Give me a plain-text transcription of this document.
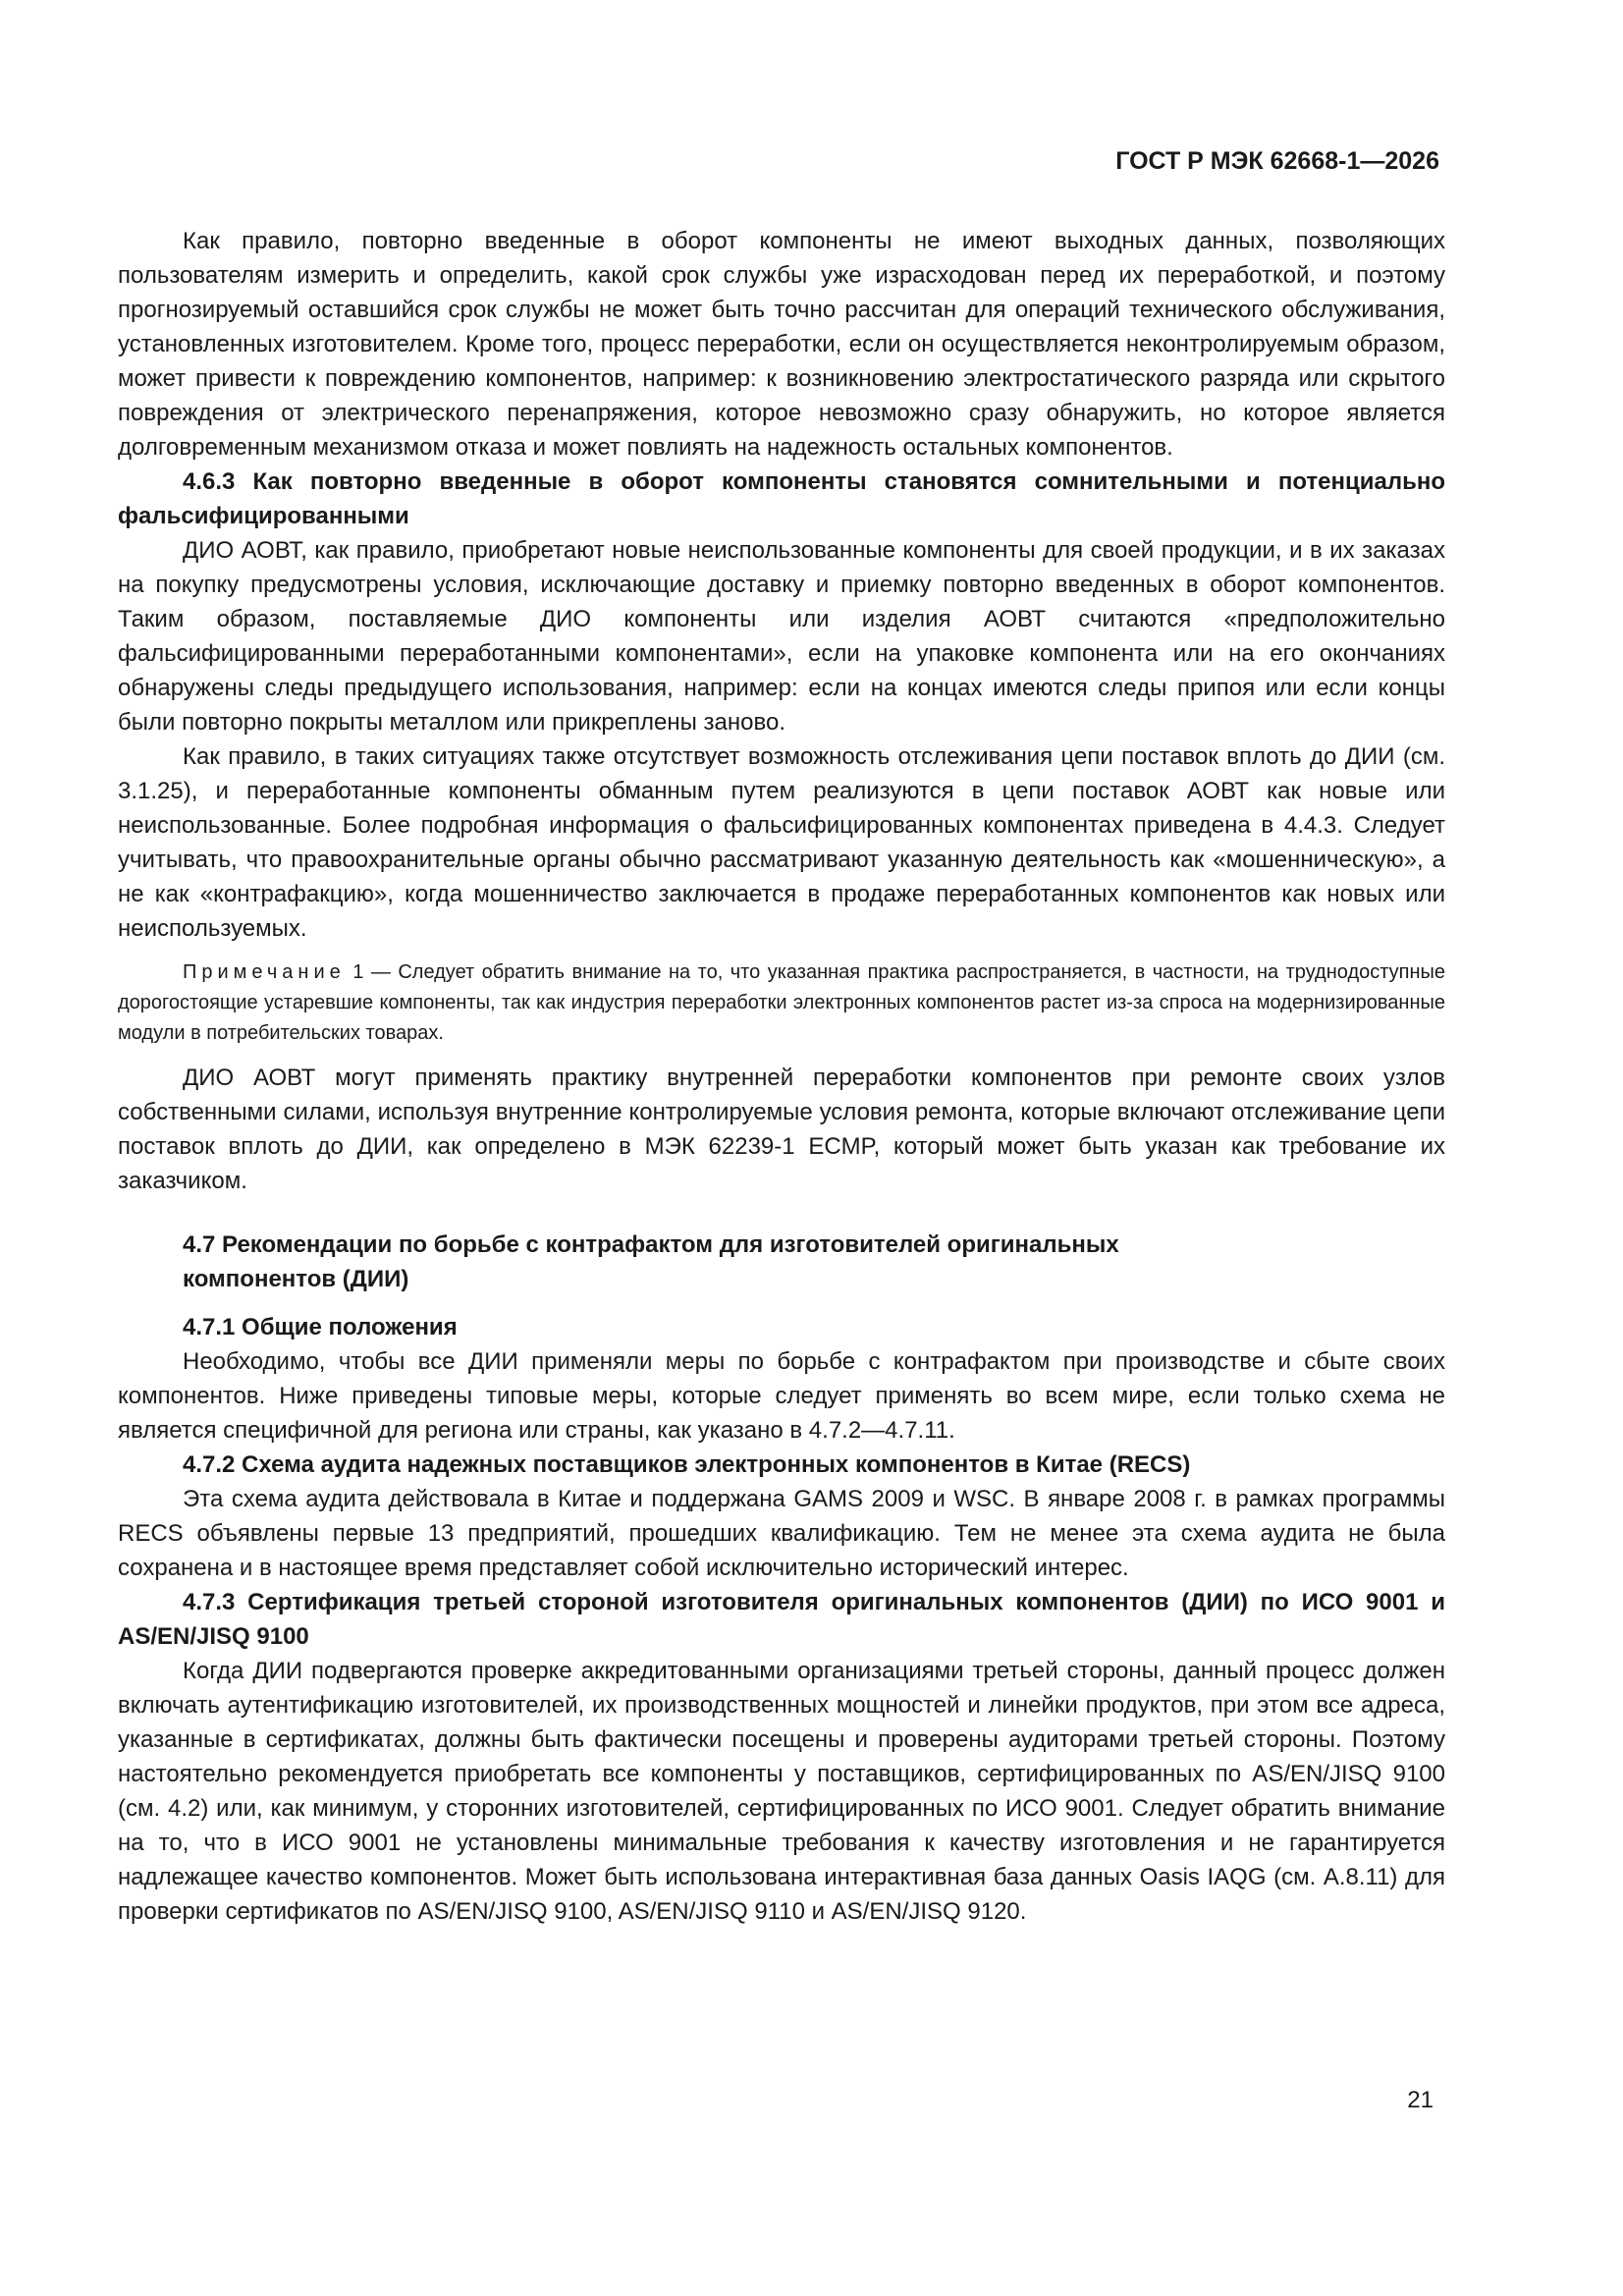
ГОСТ Р МЭК 62668-1—2026

Как правило, повторно введенные в оборот компоненты не имеют выходных данных, позволяющих пользователям измерить и определить, какой срок службы уже израсходован перед их переработкой, и поэтому прогнозируемый оставшийся срок службы не может быть точно рассчитан для операций технического обслуживания, установленных изготовителем. Кроме того, процесс переработки, если он осуществляется неконтролируемым образом, может привести к повреждению компонентов, например: к возникновению электростатического разряда или скрытого повреждения от электрического перенапряжения, которое невозможно сразу обнаружить, но которое является долговременным механизмом отказа и может повлиять на надежность остальных компонентов.

4.6.3 Как повторно введенные в оборот компоненты становятся сомнительными и потенциально фальсифицированными

ДИО АОВТ, как правило, приобретают новые неиспользованные компоненты для своей продукции, и в их заказах на покупку предусмотрены условия, исключающие доставку и приемку повторно введенных в оборот компонентов. Таким образом, поставляемые ДИО компоненты или изделия АОВТ считаются «предположительно фальсифицированными переработанными компонентами», если на упаковке компонента или на его окончаниях обнаружены следы предыдущего использования, например: если на концах имеются следы припоя или если концы были повторно покрыты металлом или прикреплены заново.

Как правило, в таких ситуациях также отсутствует возможность отслеживания цепи поставок вплоть до ДИИ (см. 3.1.25), и переработанные компоненты обманным путем реализуются в цепи поставок АОВТ как новые или неиспользованные. Более подробная информация о фальсифицированных компонентах приведена в 4.4.3. Следует учитывать, что правоохранительные органы обычно рассматривают указанную деятельность как «мошенническую», а не как «контрафакцию», когда мошенничество заключается в продаже переработанных компонентов как новых или неиспользуемых.

Примечание 1 — Следует обратить внимание на то, что указанная практика распространяется, в частности, на труднодоступные дорогостоящие устаревшие компоненты, так как индустрия переработки электронных компонентов растет из-за спроса на модернизированные модули в потребительских товарах.

ДИО АОВТ могут применять практику внутренней переработки компонентов при ремонте своих узлов собственными силами, используя внутренние контролируемые условия ремонта, которые включают отслеживание цепи поставок вплоть до ДИИ, как определено в МЭК 62239-1 ECMP, который может быть указан как требование их заказчиком.

4.7 Рекомендации по борьбе с контрафактом для изготовителей оригинальных
компонентов (ДИИ)

4.7.1 Общие положения

Необходимо, чтобы все ДИИ применяли меры по борьбе с контрафактом при производстве и сбыте своих компонентов. Ниже приведены типовые меры, которые следует применять во всем мире, если только схема не является специфичной для региона или страны, как указано в 4.7.2—4.7.11.

4.7.2 Схема аудита надежных поставщиков электронных компонентов в Китае (RECS)

Эта схема аудита действовала в Китае и поддержана GAMS 2009 и WSC. В январе 2008 г. в рамках программы RECS объявлены первые 13 предприятий, прошедших квалификацию. Тем не менее эта схема аудита не была сохранена и в настоящее время представляет собой исключительно исторический интерес.

4.7.3 Сертификация третьей стороной изготовителя оригинальных компонентов (ДИИ) по ИСО 9001 и AS/EN/JISQ 9100

Когда ДИИ подвергаются проверке аккредитованными организациями третьей стороны, данный процесс должен включать аутентификацию изготовителей, их производственных мощностей и линейки продуктов, при этом все адреса, указанные в сертификатах, должны быть фактически посещены и проверены аудиторами третьей стороны. Поэтому настоятельно рекомендуется приобретать все компоненты у поставщиков, сертифицированных по AS/EN/JISQ 9100 (см. 4.2) или, как минимум, у сторонних изготовителей, сертифицированных по ИСО 9001. Следует обратить внимание на то, что в ИСО 9001 не установлены минимальные требования к качеству изготовления и не гарантируется надлежащее качество компонентов. Может быть использована интерактивная база данных Oasis IAQG (см. А.8.11) для проверки сертификатов по AS/EN/JISQ 9100, AS/EN/JISQ 9110 и AS/EN/JISQ 9120.

21
